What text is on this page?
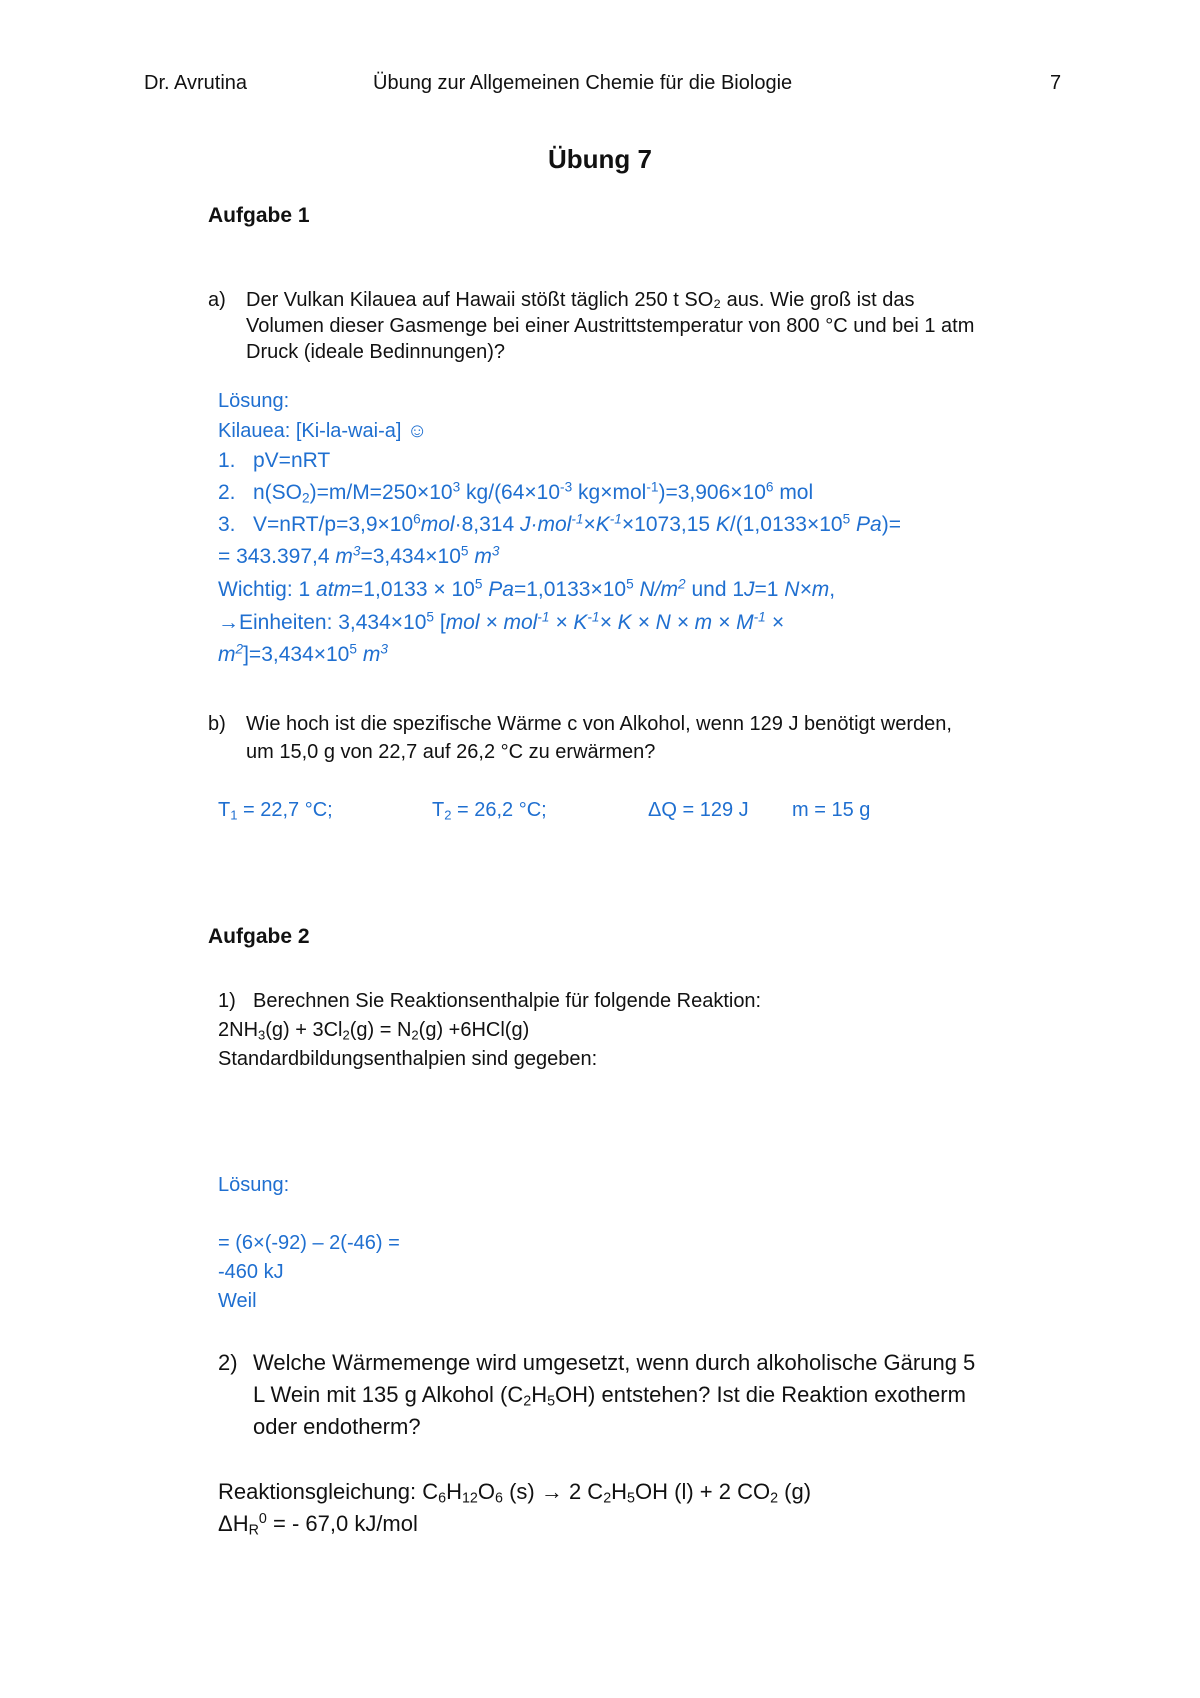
Dr. Avrutina	Übung zur Allgemeinen Chemie für die Biologie	7
Übung 7
Aufgabe 1
a) Der Vulkan Kilauea auf Hawaii stößt täglich 250 t SO₂ aus. Wie groß ist das
Volumen dieser Gasmenge bei einer Austrittstemperatur von 800 °C und bei 1 atm
Druck (ideale Bedinnungen)?
Lösung:
Kilauea: [Ki-la-wai-a] ☺
1. pV=nRT
2. $n(SO_2)=m/M=250\times 10^3$ $kg/(64\times 10^{-3}$ $kg\times mol^{-1})=3,906\times 10^6$ mol
3. $V=nRT/p=3,9\times 10^6mol\cdot 8,314$ $J\cdot mol^{-1}\times K^{-1}\times 1073,15$ $K/(1,0133\times 10^5$ Pa)=
= 343.397,4 $m^3=3,434\times 10^5$ $m^3$
Wichtig: 1 $atm=1,0133 \times 10^5$ $Pa=1,0133\times 10^5$ $N/m^2$ und 1J=1 N×m,
→Einheiten: $3,434\times 10^5$ [$mol \times mol^{-1} \times K^{-1}\times K \times N \times m \times M^{-1}$ ×
$m^2]=3,434\times 10^5$ $m^3$
b) Wie hoch ist die spezifische Wärme c von Alkohol, wenn 129 J benötigt werden,
um 15,0 g von 22,7 auf 26,2 °C zu erwärmen?
$T_1 = 22,7$ °C;	$T_2 = 26,2$ °C;	ΔQ = 129 J m = 15 g
Aufgabe 2
1) Berechnen Sie Reaktionsenthalpie für folgende Reaktion:
$2NH_3(g) + 3Cl_2(g) = N_2(g) +6HCl(g)$
Standardbildungsenthalpien sind gegeben:
Lösung:
= (6×(-92) – 2(-46) =
-460 kJ
Weil
2) Welche Wärmemenge wird umgesetzt, wenn durch alkoholische Gärung 5
L Wein mit 135 g Alkohol $(C_2H_5OH)$ entstehen? Ist die Reaktion exotherm
oder endotherm?
Reaktionsgleichung: $C_6H_{12}O_6$ (s) → 2 $C_2H_5OH$ (l) + 2 $CO_2$ (g)
$\Delta H_R^0$ = - 67,0 kJ/mol
